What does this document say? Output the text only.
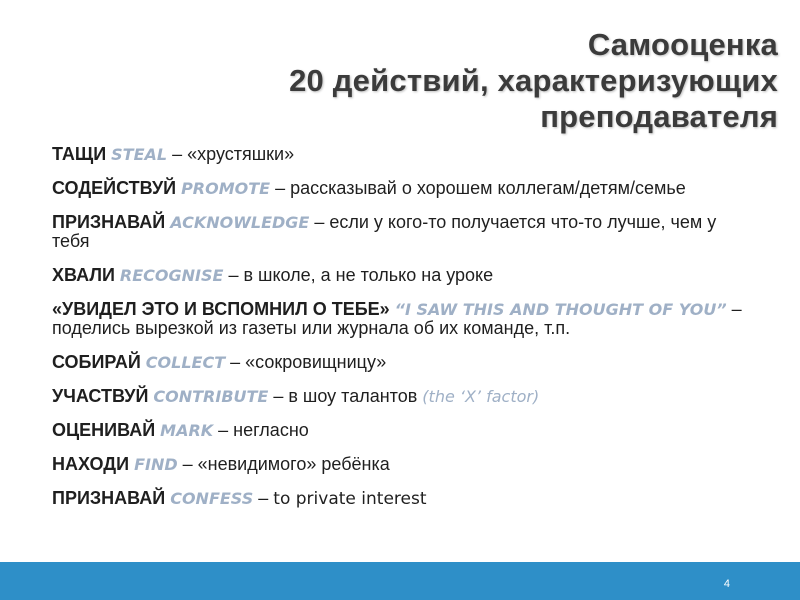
Самооценка
20 действий, характеризующих
преподавателя
ТАЩИ STEAL – «хрустяшки»
СОДЕЙСТВУЙ PROMOTE – рассказывай о хорошем коллегам/детям/семье
ПРИЗНАВАЙ ACKNOWLEDGE – если у кого-то получается что-то лучше, чем у тебя
ХВАЛИ RECOGNISE – в школе, а не только на уроке
«УВИДЕЛ ЭТО И ВСПОМНИЛ О ТЕБЕ» “I SAW THIS AND THOUGHT OF YOU” – поделись вырезкой из газеты или журнала об их команде, т.п.
СОБИРАЙ COLLECT – «сокровищницу»
УЧАСТВУЙ CONTRIBUTE – в шоу талантов (the ‘X’ factor)
ОЦЕНИВАЙ MARK – негласно
НАХОДИ FIND – «невидимого» ребёнка
ПРИЗНАВАЙ CONFESS – to private interest
4
